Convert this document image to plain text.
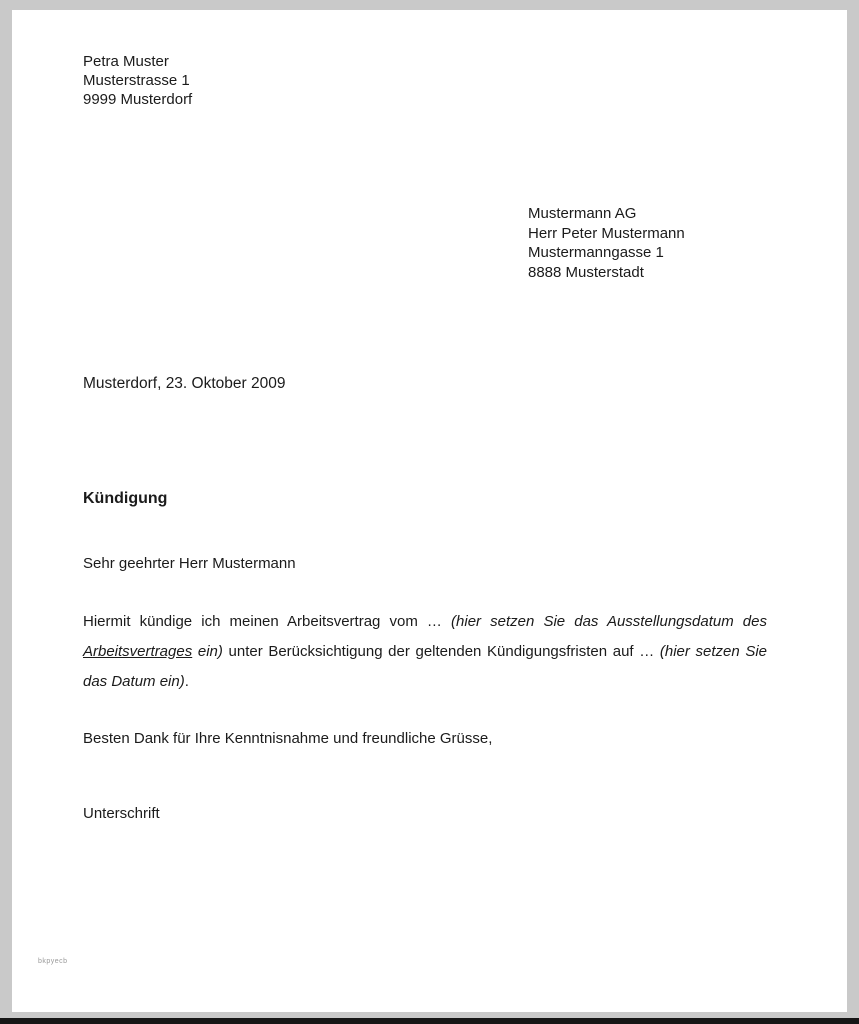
Petra Muster
Musterstrasse 1
9999 Musterdorf
Mustermann AG
Herr Peter Mustermann
Mustermanngasse 1
8888 Musterstadt
Musterdorf, 23. Oktober 2009
Kündigung
Sehr geehrter Herr Mustermann

Hiermit kündige ich meinen Arbeitsvertrag vom … (hier setzen Sie das Ausstellungsdatum des Arbeitsvertrages ein) unter Berücksichtigung der geltenden Kündigungsfristen auf … (hier setzen Sie das Datum ein).

Besten Dank für Ihre Kenntnisnahme und freundliche Grüsse,
Unterschrift
bkpyecb
